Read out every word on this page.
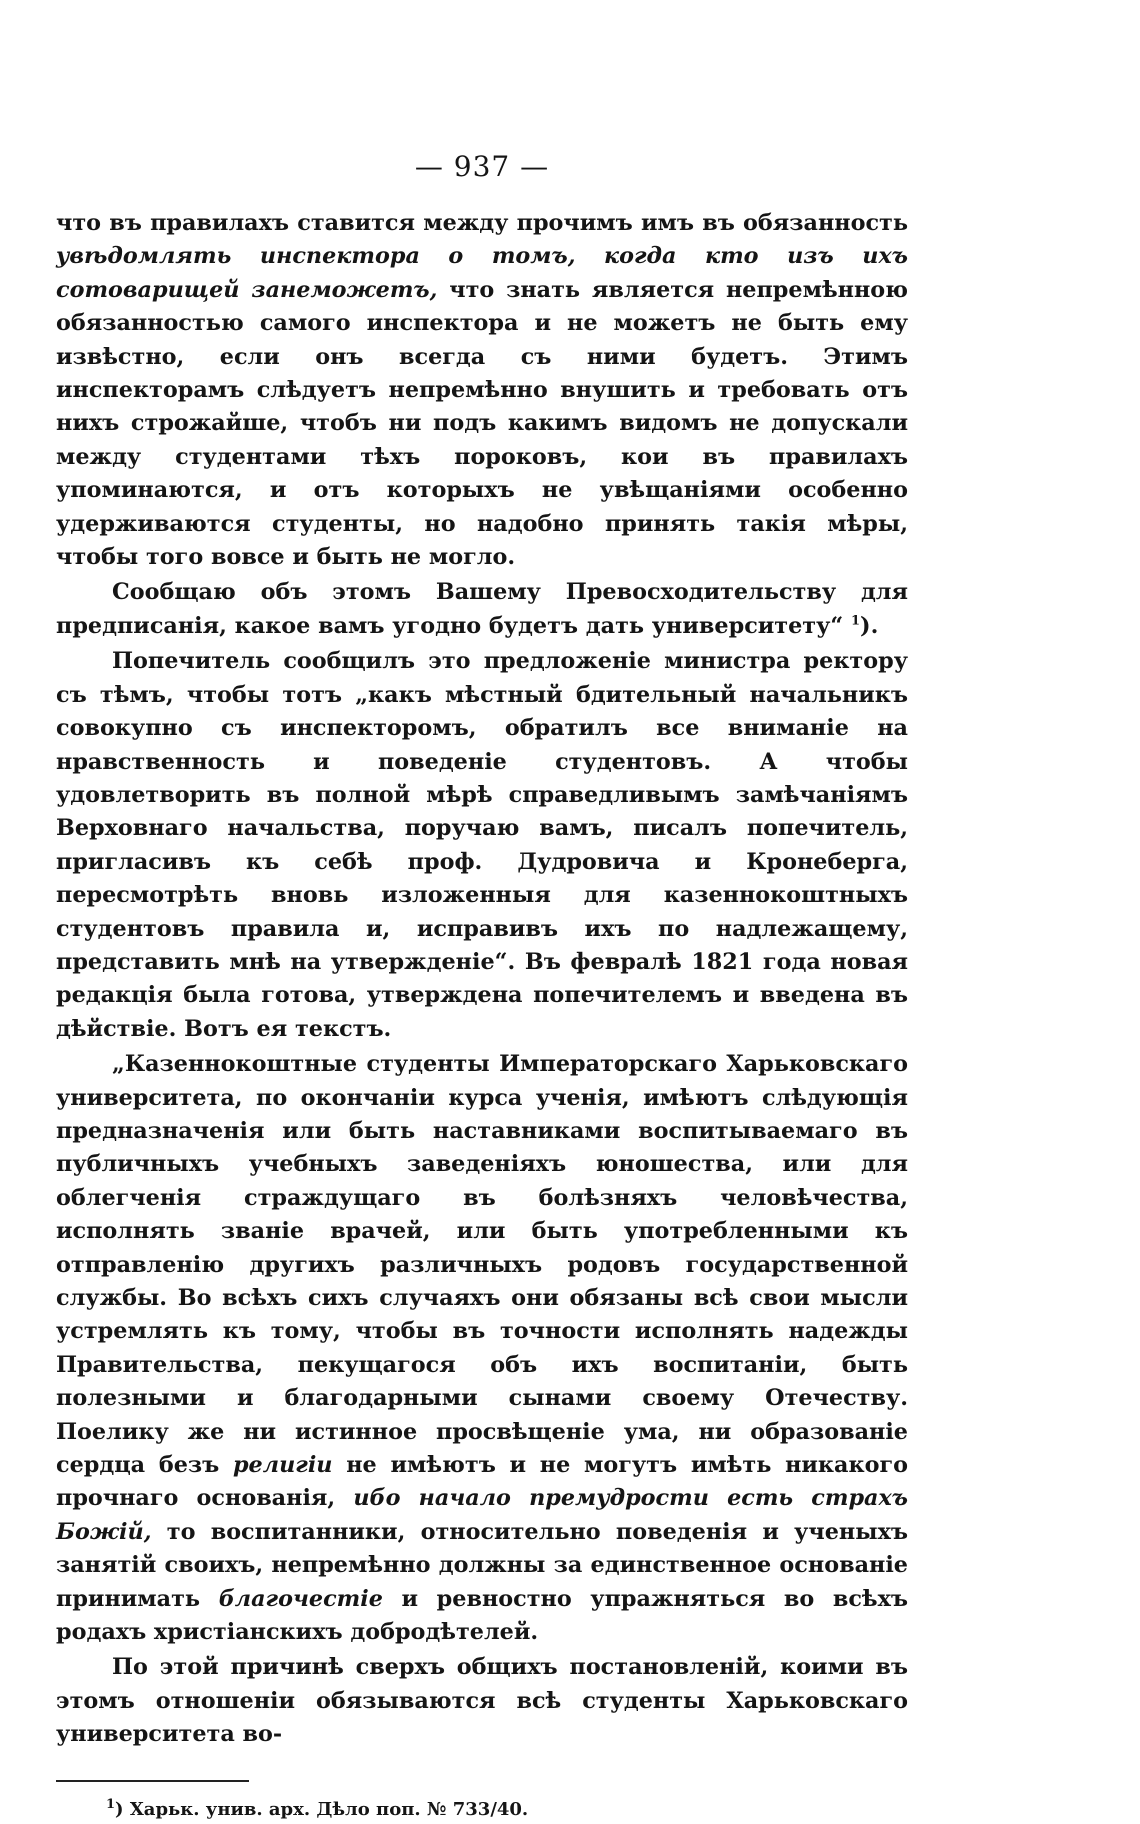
— 937 —

что въ правилахъ ставится между прочимъ имъ въ обязанность увѣдомлять инспектора о томъ, когда кто изъ ихъ сотоварищей занеможетъ, что знать является непремѣнною обязанностью самого инспектора и не можетъ не быть ему извѣстно, если онъ всегда съ ними будетъ. Этимъ инспекторамъ слѣдуетъ непремѣнно внушить и требовать отъ нихъ строжайше, чтобъ ни подъ какимъ видомъ не допускали между студентами тѣхъ пороковъ, кои въ правилахъ упоминаются, и отъ которыхъ не увѣщаніями особенно удерживаются студенты, но надобно принять такія мѣры, чтобы того вовсе и быть не могло.

Сообщаю объ этомъ Вашему Превосходительству для предписанія, какое вамъ угодно будетъ дать университету“ $^1$).

Попечитель сообщилъ это предложеніе министра ректору съ тѣмъ, чтобы тотъ „какъ мѣстный бдительный начальникъ совокупно съ инспекторомъ, обратилъ все вниманіе на нравственность и поведеніе студентовъ. А чтобы удовлетворить въ полной мѣрѣ справедливымъ замѣчаніямъ Верховнаго начальства, поручаю вамъ, писалъ попечитель, пригласивъ къ себѣ проф. Дудровича и Кронеберга, пересмотрѣть вновь изложенныя для казеннокоштныхъ студентовъ правила и, исправивъ ихъ по надлежащему, представить мнѣ на утвержденіе“. Въ февралѣ 1821 года новая редакція была готова, утверждена попечителемъ и введена въ дѣйствіе. Вотъ ея текстъ.

„Казеннокоштные студенты Императорскаго Харьковскаго университета, по окончаніи курса ученія, имѣютъ слѣдующія предназначенія или быть наставниками воспитываемаго въ публичныхъ учебныхъ заведеніяхъ юношества, или для облегченія страждущаго въ болѣзняхъ человѣчества, исполнять званіе врачей, или быть употребленными къ отправленію другихъ различныхъ родовъ государственной службы. Во всѣхъ сихъ случаяхъ они обязаны всѣ свои мысли устремлять къ тому, чтобы въ точности исполнять надежды Правительства, пекущагося объ ихъ воспитаніи, быть полезными и благодарными сынами своему Отечеству. Поелику же ни истинное просвѣщеніе ума, ни образованіе сердца безъ религіи не имѣютъ и не могутъ имѣть никакого прочнаго основанія, ибо начало премудрости есть страхъ Божій, то воспитанники, относительно поведенія и ученыхъ занятій своихъ, непремѣнно должны за единственное основаніе принимать благочестіе и ревностно упражняться во всѣхъ родахъ христіанскихъ добродѣтелей.

По этой причинѣ сверхъ общихъ постановленій, коими въ этомъ отношеніи обязываются всѣ студенты Харьковскаго университета во-

$^1$) Харьк. унив. арх. Дѣло поп. № 733/40.
